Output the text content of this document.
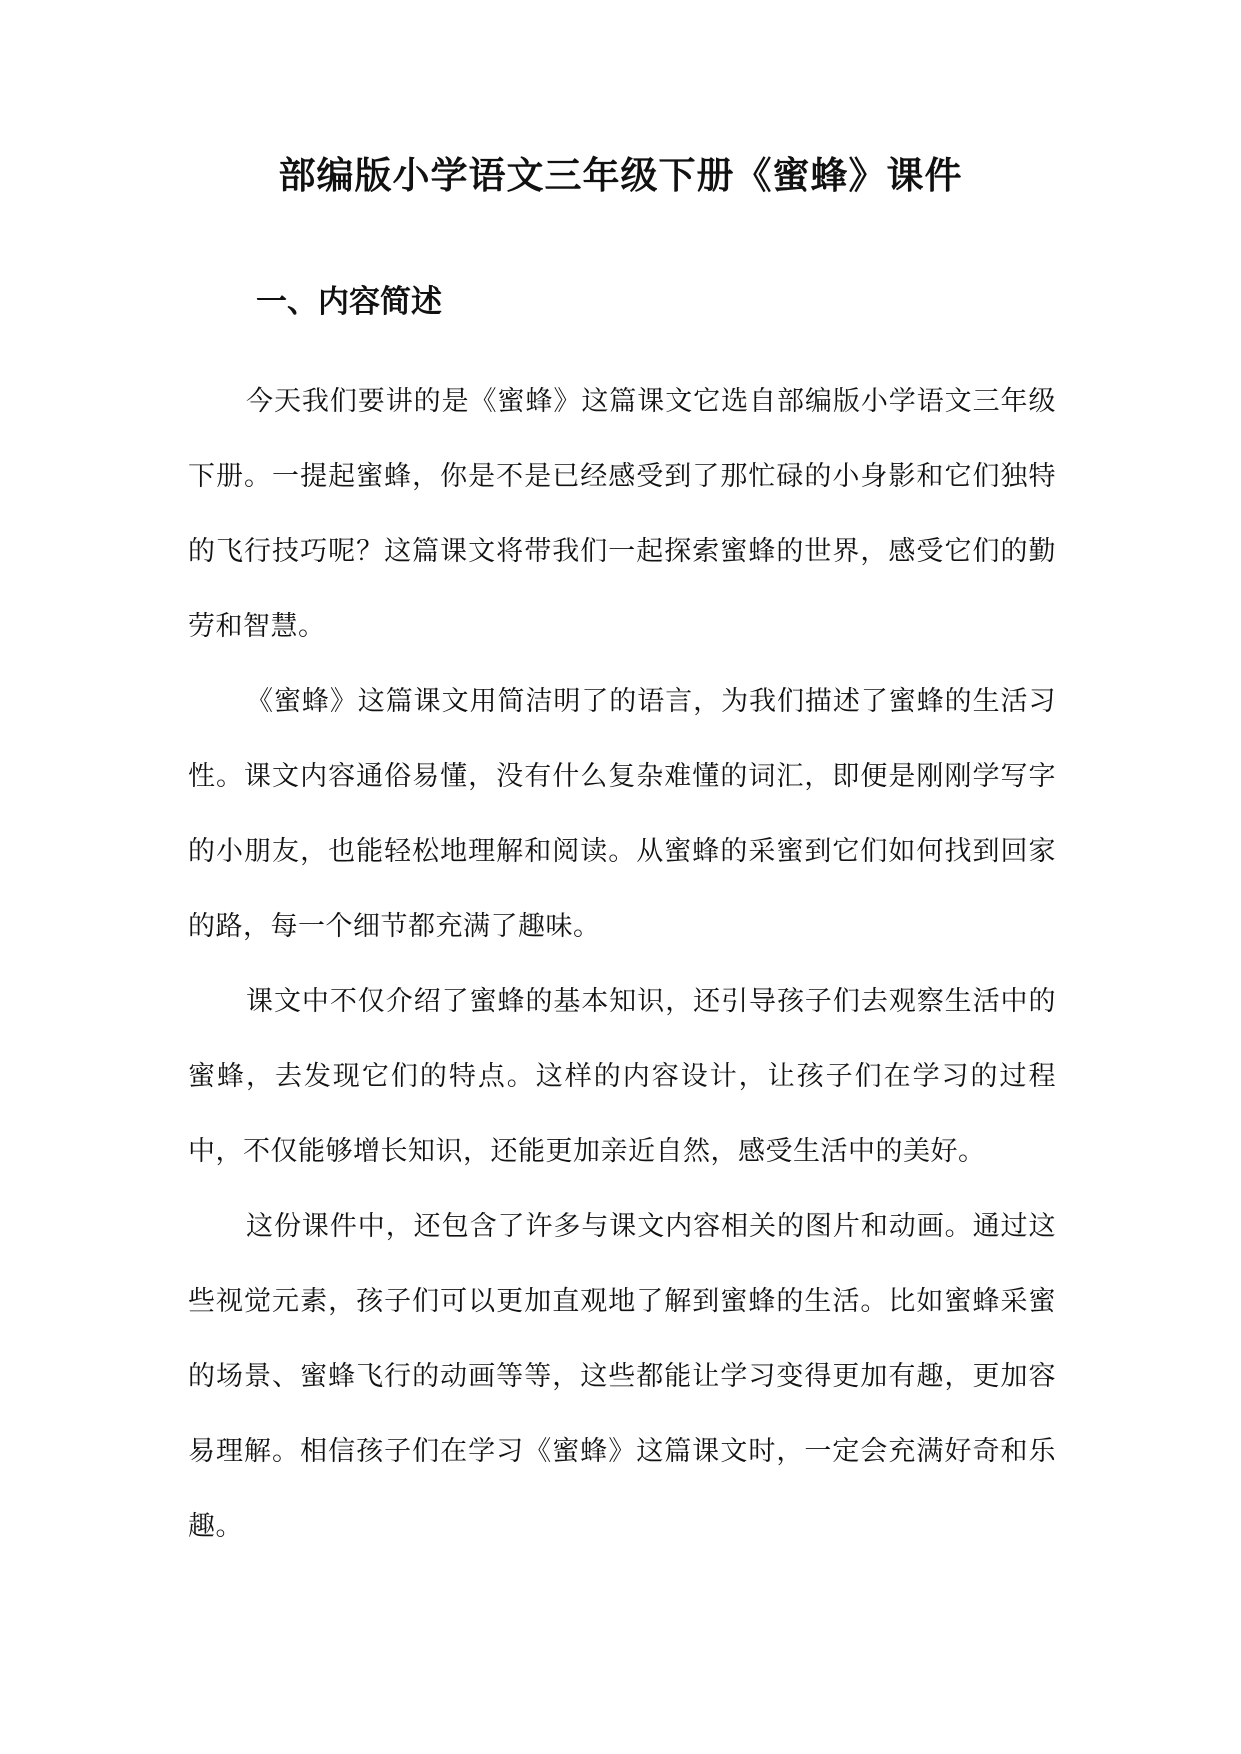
部编版小学语文三年级下册《蜜蜂》课件
一、内容简述

今天我们要讲的是《蜜蜂》这篇课文它选自部编版小学语文三年级下册。一提起蜜蜂，你是不是已经感受到了那忙碌的小身影和它们独特的飞行技巧呢？这篇课文将带我们一起探索蜜蜂的世界，感受它们的勤劳和智慧。

《蜜蜂》这篇课文用简洁明了的语言，为我们描述了蜜蜂的生活习性。课文内容通俗易懂，没有什么复杂难懂的词汇，即便是刚刚学写字的小朋友，也能轻松地理解和阅读。从蜜蜂的采蜜到它们如何找到回家的路，每一个细节都充满了趣味。

课文中不仅介绍了蜜蜂的基本知识，还引导孩子们去观察生活中的蜜蜂，去发现它们的特点。这样的内容设计，让孩子们在学习的过程中，不仅能够增长知识，还能更加亲近自然，感受生活中的美好。

这份课件中，还包含了许多与课文内容相关的图片和动画。通过这些视觉元素，孩子们可以更加直观地了解到蜜蜂的生活。比如蜜蜂采蜜的场景、蜜蜂飞行的动画等等，这些都能让学习变得更加有趣，更加容易理解。相信孩子们在学习《蜜蜂》这篇课文时，一定会充满好奇和乐趣。
